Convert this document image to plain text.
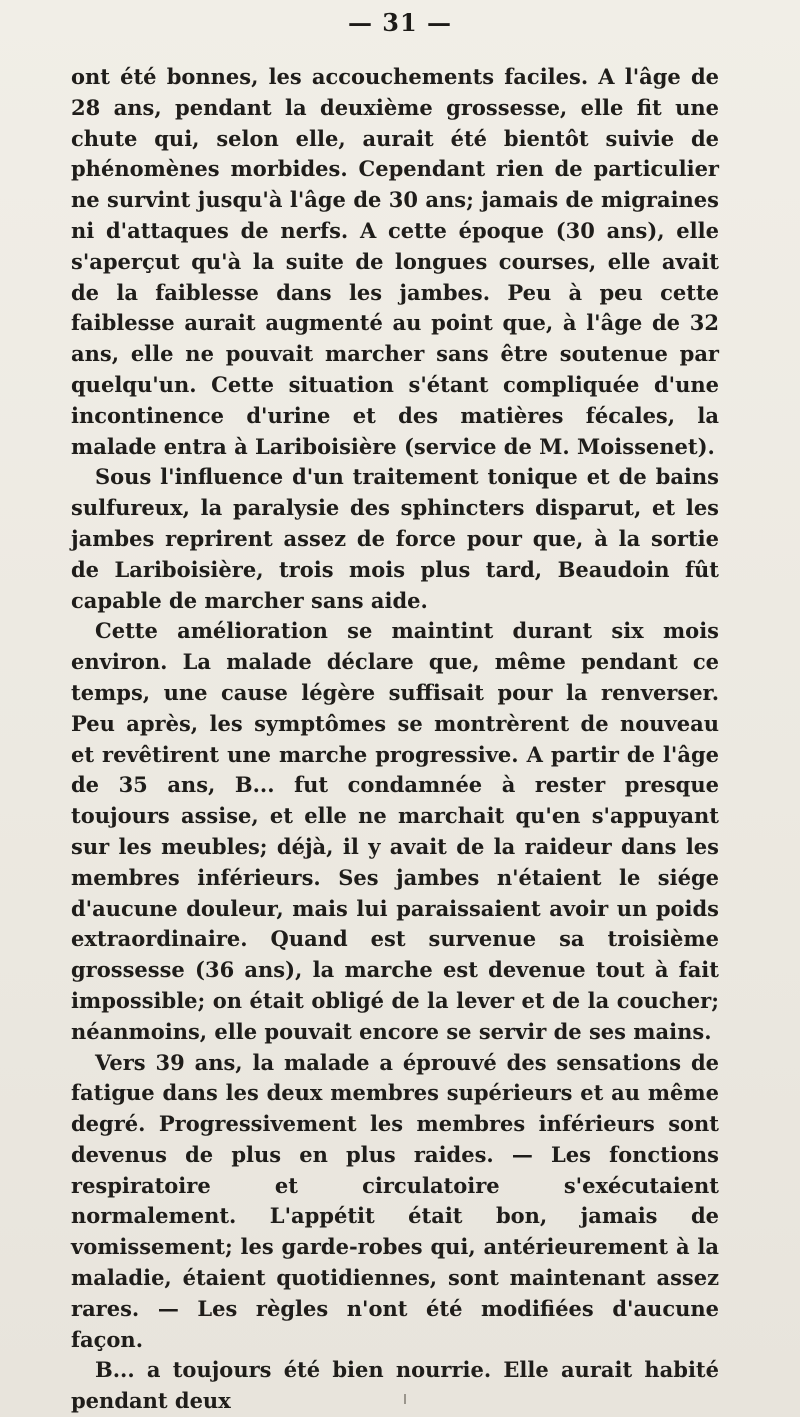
— 31 —

ont été bonnes, les accouchements faciles. A l'âge de 28 ans, pendant la deuxième grossesse, elle fit une chute qui, selon elle, aurait été bientôt suivie de phénomènes morbides. Cependant rien de particulier ne survint jusqu'à l'âge de 30 ans; jamais de migraines ni d'attaques de nerfs. A cette époque (30 ans), elle s'aperçut qu'à la suite de longues courses, elle avait de la faiblesse dans les jambes. Peu à peu cette faiblesse aurait augmenté au point que, à l'âge de 32 ans, elle ne pouvait marcher sans être soutenue par quelqu'un. Cette situation s'étant compliquée d'une incontinence d'urine et des matières fécales, la malade entra à Lariboisière (service de M. Moissenet).

Sous l'influence d'un traitement tonique et de bains sulfureux, la paralysie des sphincters disparut, et les jambes reprirent assez de force pour que, à la sortie de Lariboisière, trois mois plus tard, Beaudoin fût capable de marcher sans aide.

Cette amélioration se maintint durant six mois environ. La malade déclare que, même pendant ce temps, une cause légère suffisait pour la renverser. Peu après, les symptômes se montrèrent de nouveau et revêtirent une marche progressive. A partir de l'âge de 35 ans, B... fut condamnée à rester presque toujours assise, et elle ne marchait qu'en s'appuyant sur les meubles; déjà, il y avait de la raideur dans les membres inférieurs. Ses jambes n'étaient le siége d'aucune douleur, mais lui paraissaient avoir un poids extraordinaire. Quand est survenue sa troisième grossesse (36 ans), la marche est devenue tout à fait impossible; on était obligé de la lever et de la coucher; néanmoins, elle pouvait encore se servir de ses mains.

Vers 39 ans, la malade a éprouvé des sensations de fatigue dans les deux membres supérieurs et au même degré. Progressivement les membres inférieurs sont devenus de plus en plus raides. — Les fonctions respiratoire et circulatoire s'exécutaient normalement. L'appétit était bon, jamais de vomissement; les garde-robes qui, antérieurement à la maladie, étaient quotidiennes, sont maintenant assez rares. — Les règles n'ont été modifiées d'aucune façon.

B... a toujours été bien nourrie. Elle aurait habité pendant deux
